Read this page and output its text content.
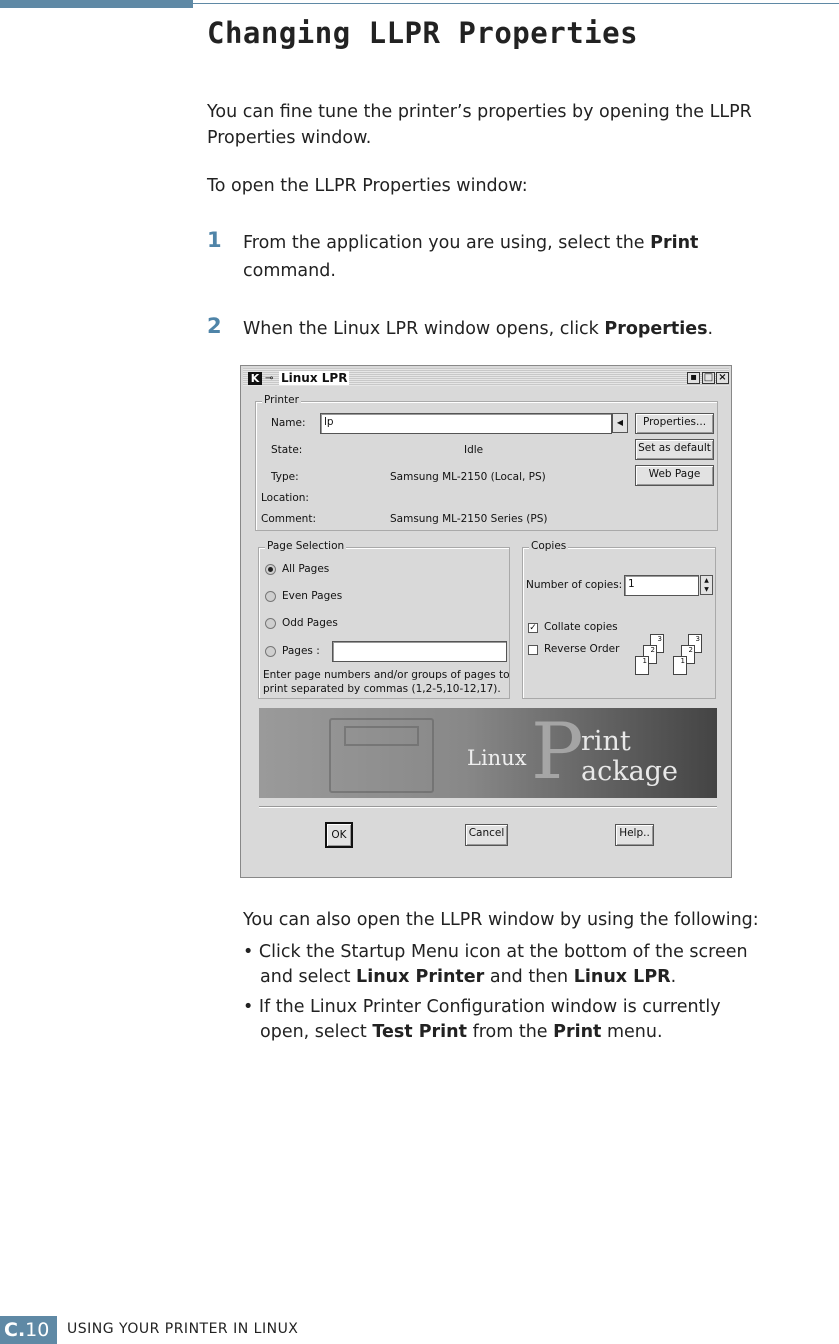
Changing LLPR Properties

You can fine tune the printer’s properties by opening the LLPR Properties window.

To open the LLPR Properties window:

1 From the application you are using, select the Print
command.
2 When the Linux LPR window opens, click Properties.
K ⊸ Linux LPR	▪ □ ×
Printer
Name:	lp	◀	Properties...
State:	Idle	Set as default
Type:	Samsung ML-2150 (Local, PS)	Web Page
Location:
Comment:	Samsung ML-2150 Series (PS)
Page Selection
All Pages
Even Pages
Odd Pages
Pages :
Enter page numbers and/or groups of pages to
print separated by commas (1,2-5,10-12,17).
Copies
Number of copies: 1	▲
▼
✓ Collate copies
Reverse Order
3
2
1
3
2
1
P
Linux
rint
ackage
OK	Cancel	Help..

You can also open the LLPR window by using the following:

• Click the Startup Menu icon at the bottom of the screen
and select Linux Printer and then Linux LPR.
• If the Linux Printer Configuration window is currently
open, select Test Print from the Print menu.
C.10	USING YOUR PRINTER IN LINUX
